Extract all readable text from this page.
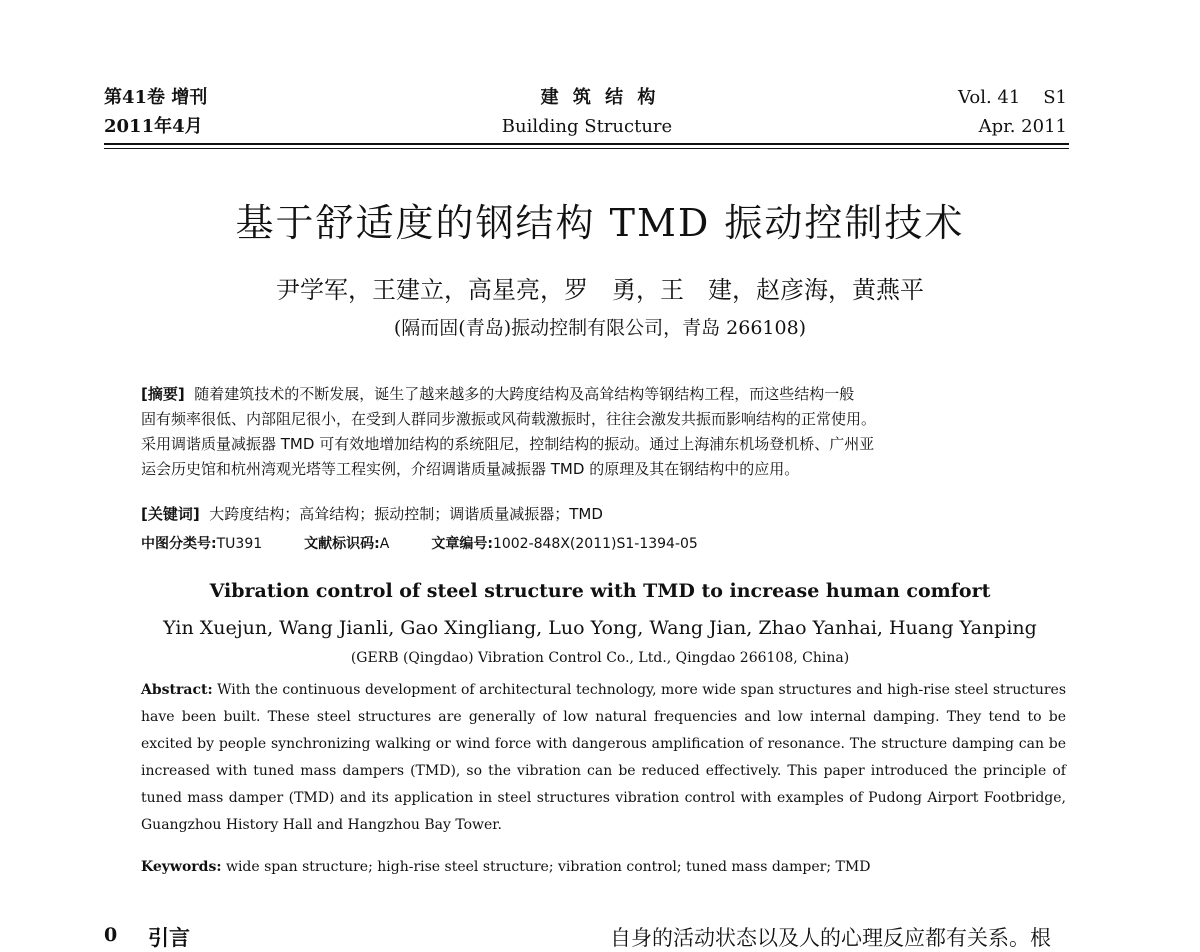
第41卷 增刊
2011年4月
建 筑 结 构
Building Structure
Vol. 41    S1
Apr. 2011
基于舒适度的钢结构 TMD 振动控制技术
尹学军，王建立，高星亮，罗　勇，王　建，赵彦海，黄燕平
(隔而固(青岛)振动控制有限公司，青岛 266108)

[摘要] 随着建筑技术的不断发展，诞生了越来越多的大跨度结构及高耸结构等钢结构工程，而这些结构一般

固有频率很低、内部阻尼很小，在受到人群同步激振或风荷载激振时，往往会激发共振而影响结构的正常使用。

采用调谐质量减振器 TMD 可有效地增加结构的系统阻尼，控制结构的振动。通过上海浦东机场登机桥、广州亚

运会历史馆和杭州湾观光塔等工程实例，介绍调谐质量减振器 TMD 的原理及其在钢结构中的应用。

[关键词] 大跨度结构；高耸结构；振动控制；调谐质量减振器；TMD
中图分类号:TU391	文献标识码:A	文章编号:1002-848X(2011)S1-1394-05
Vibration control of steel structure with TMD to increase human comfort
Yin Xuejun, Wang Jianli, Gao Xingliang, Luo Yong, Wang Jian, Zhao Yanhai, Huang Yanping
(GERB (Qingdao) Vibration Control Co., Ltd., Qingdao 266108, China)
Abstract: With the continuous development of architectural technology, more wide span structures and high-rise steel structures have been built. These steel structures are generally of low natural frequencies and low internal damping. They tend to be excited by people synchronizing walking or wind force with dangerous amplification of resonance. The structure damping can be increased with tuned mass dampers (TMD), so the vibration can be reduced effectively. This paper introduced the principle of tuned mass damper (TMD) and its application in steel structures vibration control with examples of Pudong Airport Footbridge, Guangzhou History Hall and Hangzhou Bay Tower.
Keywords: wide span structure; high-rise steel structure; vibration control; tuned mass damper; TMD
0 引言	自身的活动状态以及人的心理反应都有关系。根
